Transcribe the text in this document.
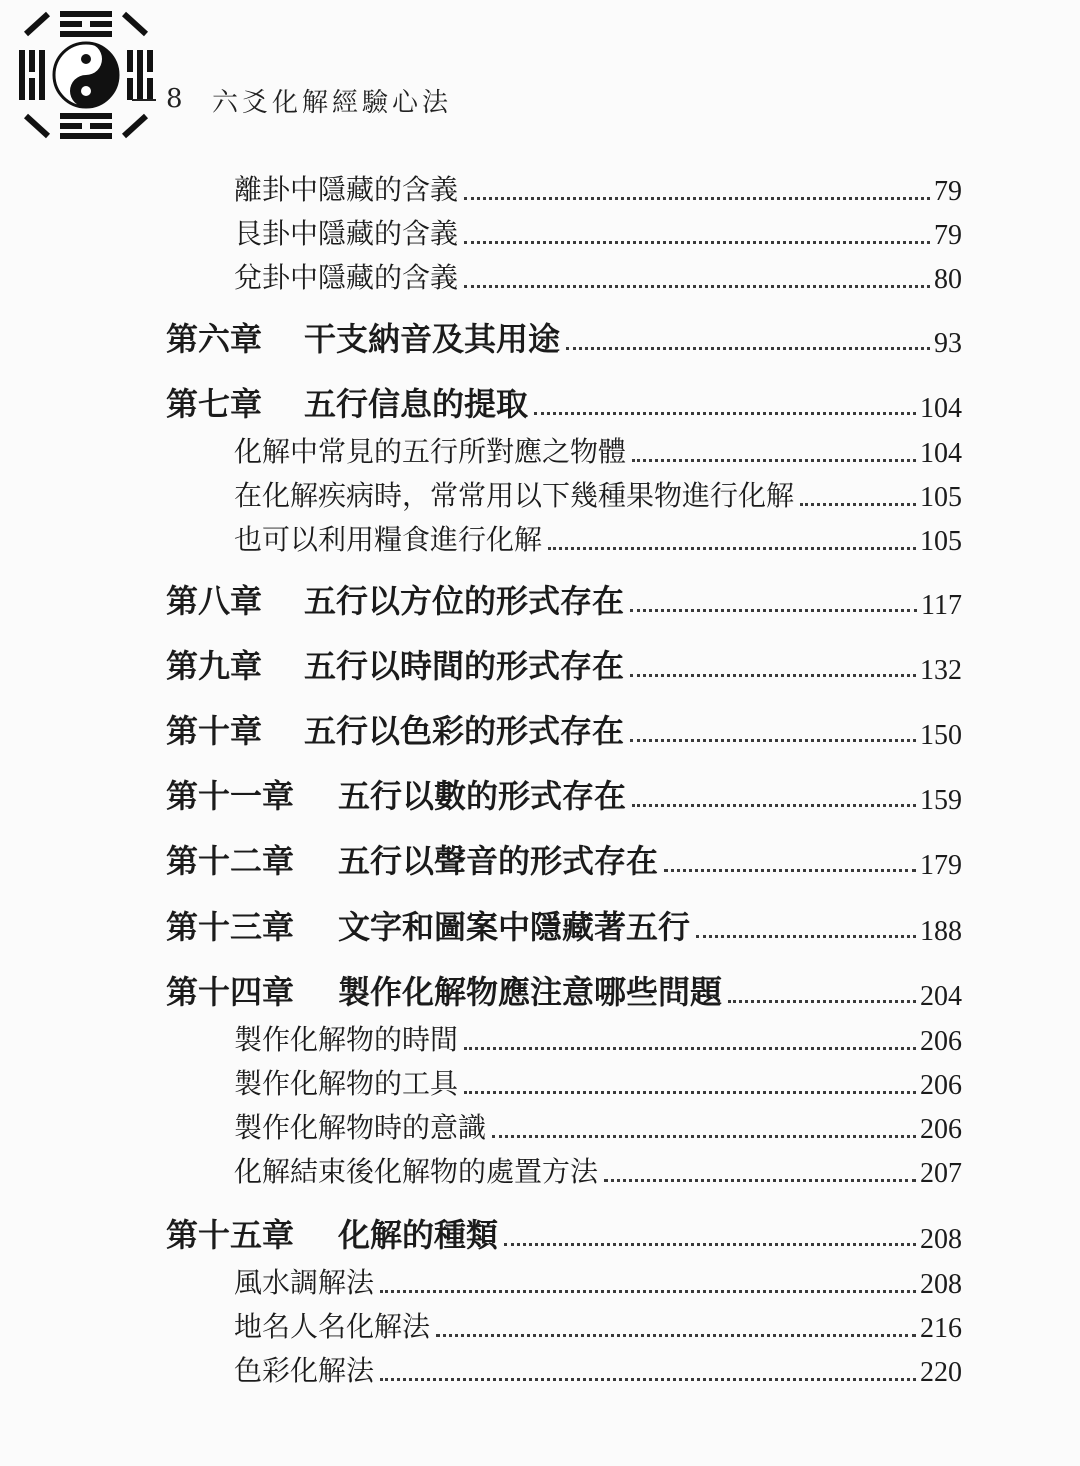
8 六爻化解經驗心法
離卦中隱藏的含義	79
艮卦中隱藏的含義	79
兌卦中隱藏的含義	80
第六章	干支納音及其用途	93
第七章	五行信息的提取	104
化解中常見的五行所對應之物體	104
在化解疾病時，常常用以下幾種果物進行化解	105
也可以利用糧食進行化解	105
第八章	五行以方位的形式存在	117
第九章	五行以時間的形式存在	132
第十章	五行以色彩的形式存在	150
第十一章	五行以數的形式存在	159
第十二章	五行以聲音的形式存在	179
第十三章	文字和圖案中隱藏著五行	188
第十四章	製作化解物應注意哪些問題	204
製作化解物的時間	206
製作化解物的工具	206
製作化解物時的意識	206
化解結束後化解物的處置方法	207
第十五章	化解的種類	208
風水調解法	208
地名人名化解法	216
色彩化解法	220
